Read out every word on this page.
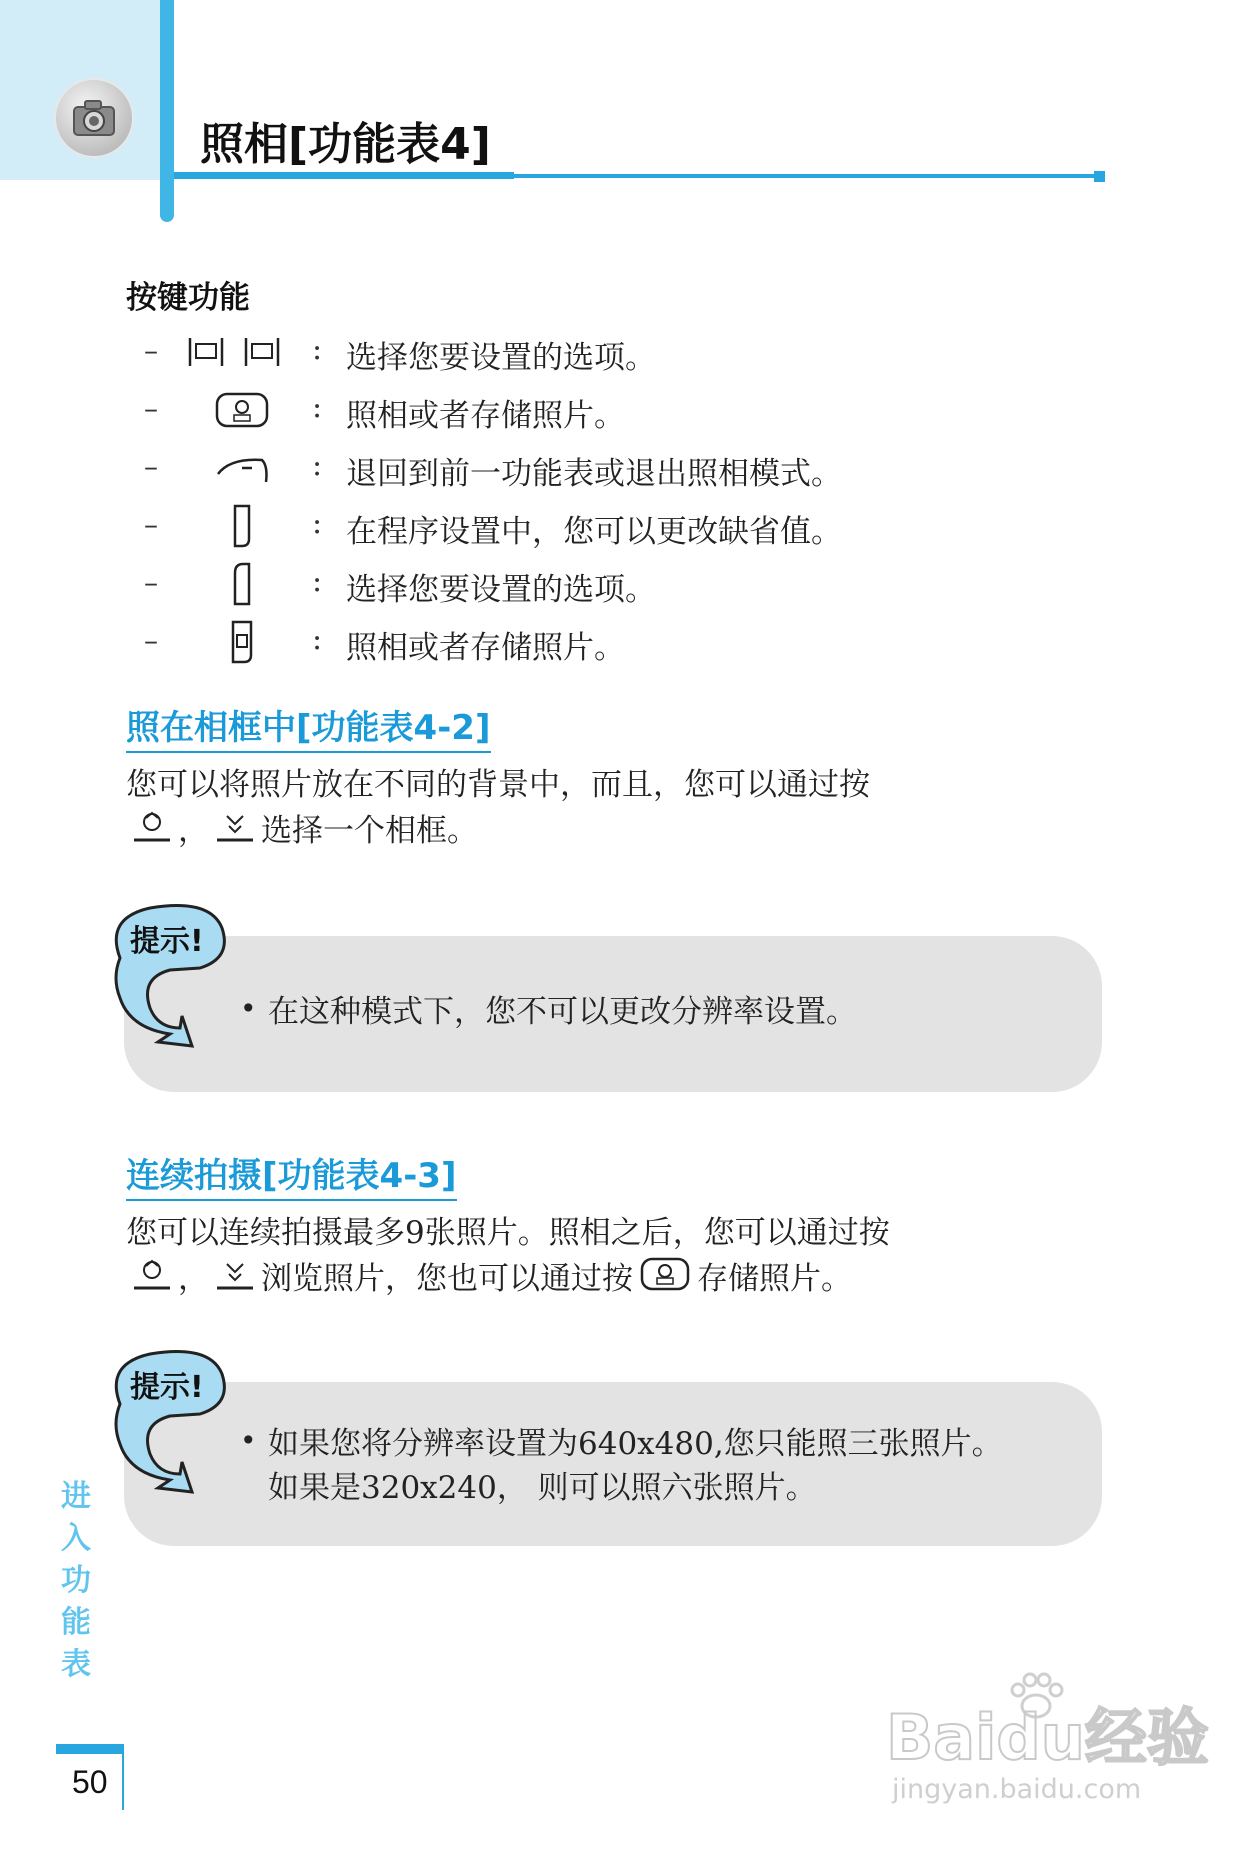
照相[功能表4]
按键功能
–	: 选择您要设置的选项。
–	: 照相或者存储照片。
–	: 退回到前一功能表或退出照相模式。
–	: 在程序设置中，您可以更改缺省值。
–	: 选择您要设置的选项。
–	: 照相或者存储照片。
照在相框中[功能表4-2]
您可以将照片放在不同的背景中，而且，您可以通过按
， 选择一个相框。
提示!
• 在这种模式下，您不可以更改分辨率设置。
连续拍摄[功能表4-3]
您可以连续拍摄最多9张照片。照相之后，您可以通过按
， 浏览照片，您也可以通过按 存储照片。
提示!
• 如果您将分辨率设置为640x480,您只能照三张照片。
如果是320x240， 则可以照六张照片。
进入功能表
50
Baidu经验
jingyan.baidu.com
